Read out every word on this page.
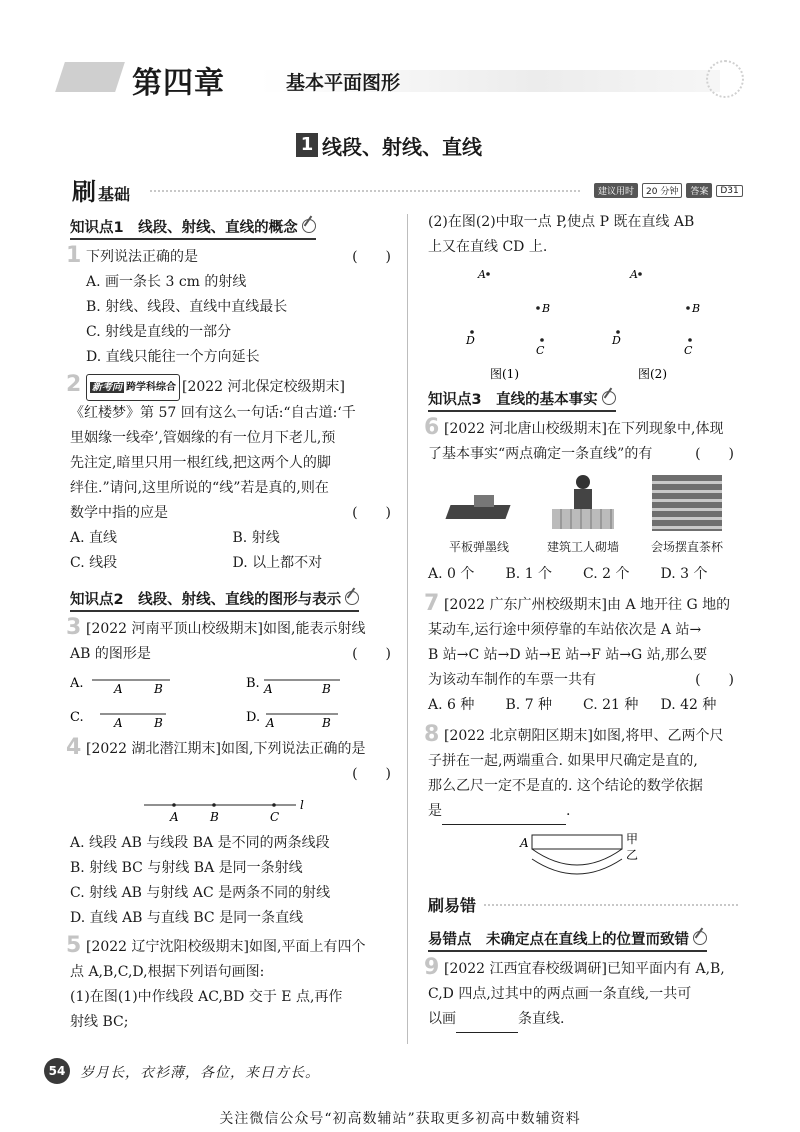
第四章	基本平面图形
1 线段、射线、直线
刷 基础	建议用时	20 分钟	答案	D31
知识点1　线段、射线、直线的概念
1 下列说法正确的是	(　　)
A. 画一条长 3 cm 的射线
B. 射线、线段、直线中直线最长
C. 射线是直线的一部分
D. 直线只能往一个方向延长
2	新考向 跨学科综合 [2022 河北保定校级期末]
《红楼梦》第 57 回有这么一句话:“自古道:‘千
里姻缘一线牵’,管姻缘的有一位月下老儿,预
先注定,暗里只用一根红线,把这两个人的脚
绊住.”请问,这里所说的“线”若是真的,则在
数学中指的应是	(　　)
A. 直线	B. 射线
C. 线段	D. 以上都不对
知识点2　线段、射线、直线的图形与表示
3 [2022 河南平顶山校级期末]如图,能表示射线
AB 的图形是	(　　)
A.	A	B	B. A	B
C.	A	B	D. A	B
4 [2022 湖北潜江期末]如图,下列说法正确的是
(　　)
A	B	C
l
A. 线段 AB 与线段 BA 是不同的两条线段
B. 射线 BC 与射线 BA 是同一条射线
C. 射线 AB 与射线 AC 是两条不同的射线
D. 直线 AB 与直线 BC 是同一条直线
5 [2022 辽宁沈阳校级期末]如图,平面上有四个
点 A,B,C,D,根据下列语句画图:
(1)在图(1)中作线段 AC,BD 交于 E 点,再作
射线 BC;
(2)在图(2)中取一点 P,使点 P 既在直线 AB
上又在直线 CD 上.
A
B
D
C
图(1)
A
B
D
C
图(2)
知识点3　直线的基本事实
6 [2022 河北唐山校级期末]在下列现象中,体现
了基本事实“两点确定一条直线”的有	(　　)
平板弹墨线	建筑工人砌墙	会场摆直茶杯
A. 0 个	B. 1 个	C. 2 个	D. 3 个
7 [2022 广东广州校级期末]由 A 地开往 G 地的
某动车,运行途中须停靠的车站依次是 A 站→
B 站→C 站→D 站→E 站→F 站→G 站,那么要
为该动车制作的车票一共有	(　　)
A. 6 种	B. 7 种	C. 21 种	D. 42 种
8 [2022 北京朝阳区期末]如图,将甲、乙两个尺
子拼在一起,两端重合. 如果甲尺确定是直的,
那么乙尺一定不是直的. 这个结论的数学依据
是	.
A	甲
乙
刷易错
易错点　未确定点在直线上的位置而致错
9 [2022 江西宜春校级调研]已知平面内有 A,B,
C,D 四点,过其中的两点画一条直线,一共可
以画	条直线.
54	岁月长，衣衫薄，各位，来日方长。
关注微信公众号“初高数辅站”获取更多初高中数辅资料
